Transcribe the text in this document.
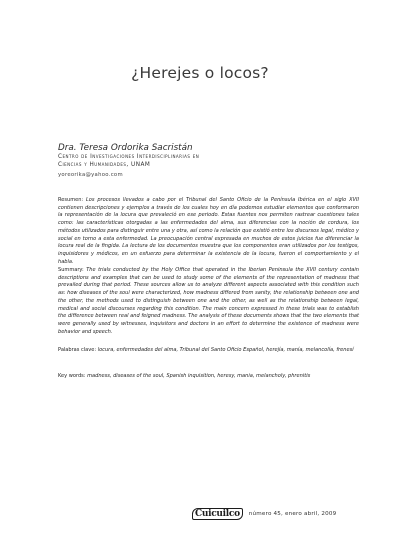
¿Herejes o locos?
Dra. Teresa Ordorika Sacristán
Centro de Investigaciones Interdisciplinarias en
Ciencias y Humanidades, UNAM
yoreorika@yahoo.com
Resumen: Los procesos llevados a cabo por el Tribunal del Santo Oficio de la Península Ibérica en el siglo XVII contienen descripciones y ejemplos a través de los cuales hoy en día podemos estudiar elementos que conformaron la representación de la locura que prevaleció en ese periodo. Estas fuentes nos permiten rastrear cuestiones tales como: las características otorgadas a las enfermedades del alma, sus diferencias con la noción de cordura, los métodos utilizados para distinguir entre una y otra, así como la relación que existió entre los discursos legal, médico y social en torno a esta enfermedad. La preocupación central expresada en muchos de estos juicios fue diferenciar la locura real de la fingida. La lectura de los documentos muestra que los componentes eran utilizados por los testigos, inquisidores y médicos, en un esfuerzo para determinar la existencia de la locura, fueron el comportamiento y el habla.
Summary: The trials conducted by the Holy Office that operated in the Iberian Peninsula the XVII century contain descriptions and examples that can be used to study some of the elements of the representation of madness that prevailed during that period. These sources allow us to analyze different aspects associated with this condition such as: how diseases of the soul were characterized, how madness differed from sanity, the relationship between one and the other, the methods used to distinguish between one and the other, as well as the relationship between legal, medical and social discourses regarding this condition. The main concern expressed in these trials was to establish the difference between real and feigned madness. The analysis of these documents shows that the two elements that were generally used by witnesses, inquisitors and doctors in an effort to determine the existence of madness were behavior and speech.
Palabras clave: locura, enfermedades del alma, Tribunal del Santo Oficio Español, herejía, manía, melancolía, frenesí
Key words: madness, diseases of the soul, Spanish inquisition, heresy, mania, melancholy, phrenitis
Cuicuilco	número 45, enero abril, 2009
